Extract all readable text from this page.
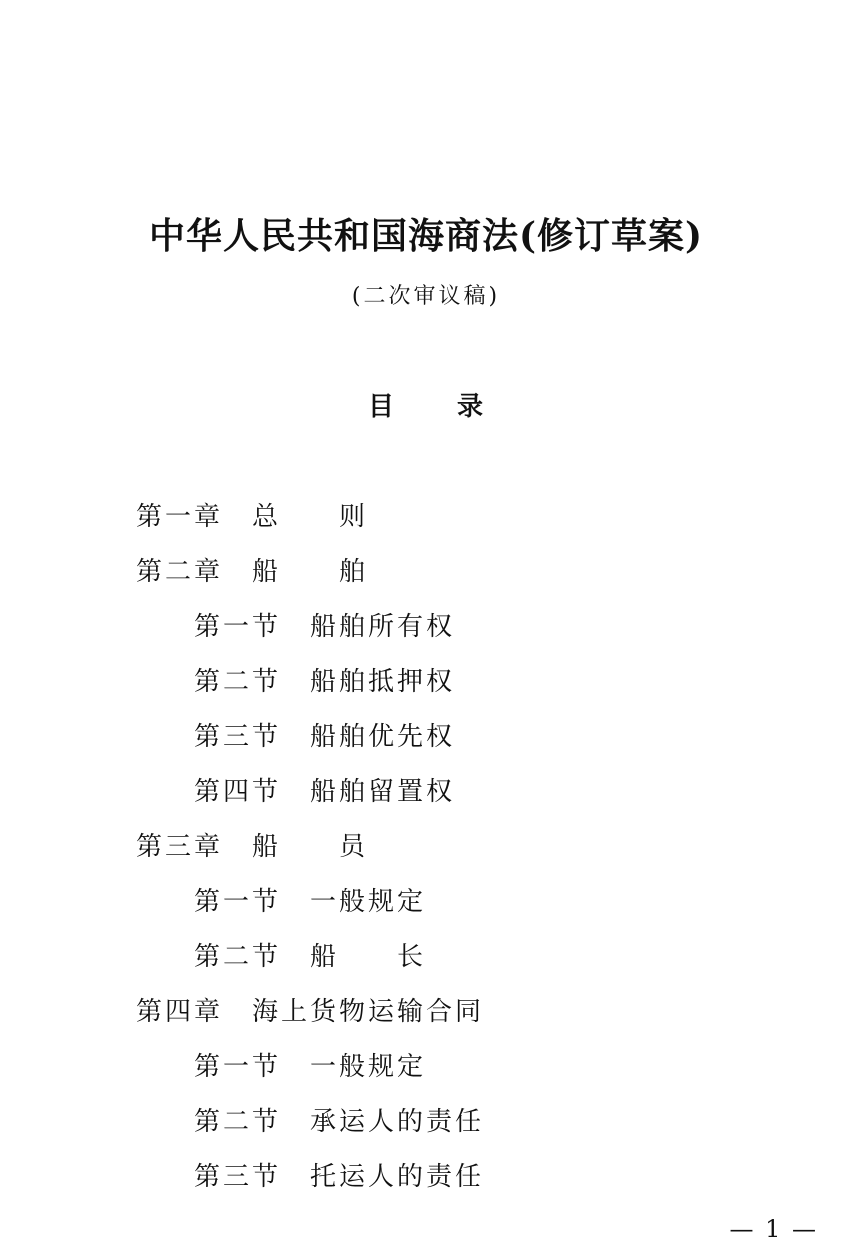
中华人民共和国海商法(修订草案)
(二次审议稿)
目 录
第一章 总　　则
第二章 船　　舶
第一节 船舶所有权
第二节 船舶抵押权
第三节 船舶优先权
第四节 船舶留置权
第三章 船　　员
第一节 一般规定
第二节 船　　长
第四章 海上货物运输合同
第一节 一般规定
第二节 承运人的责任
第三节 托运人的责任
— 1 —
